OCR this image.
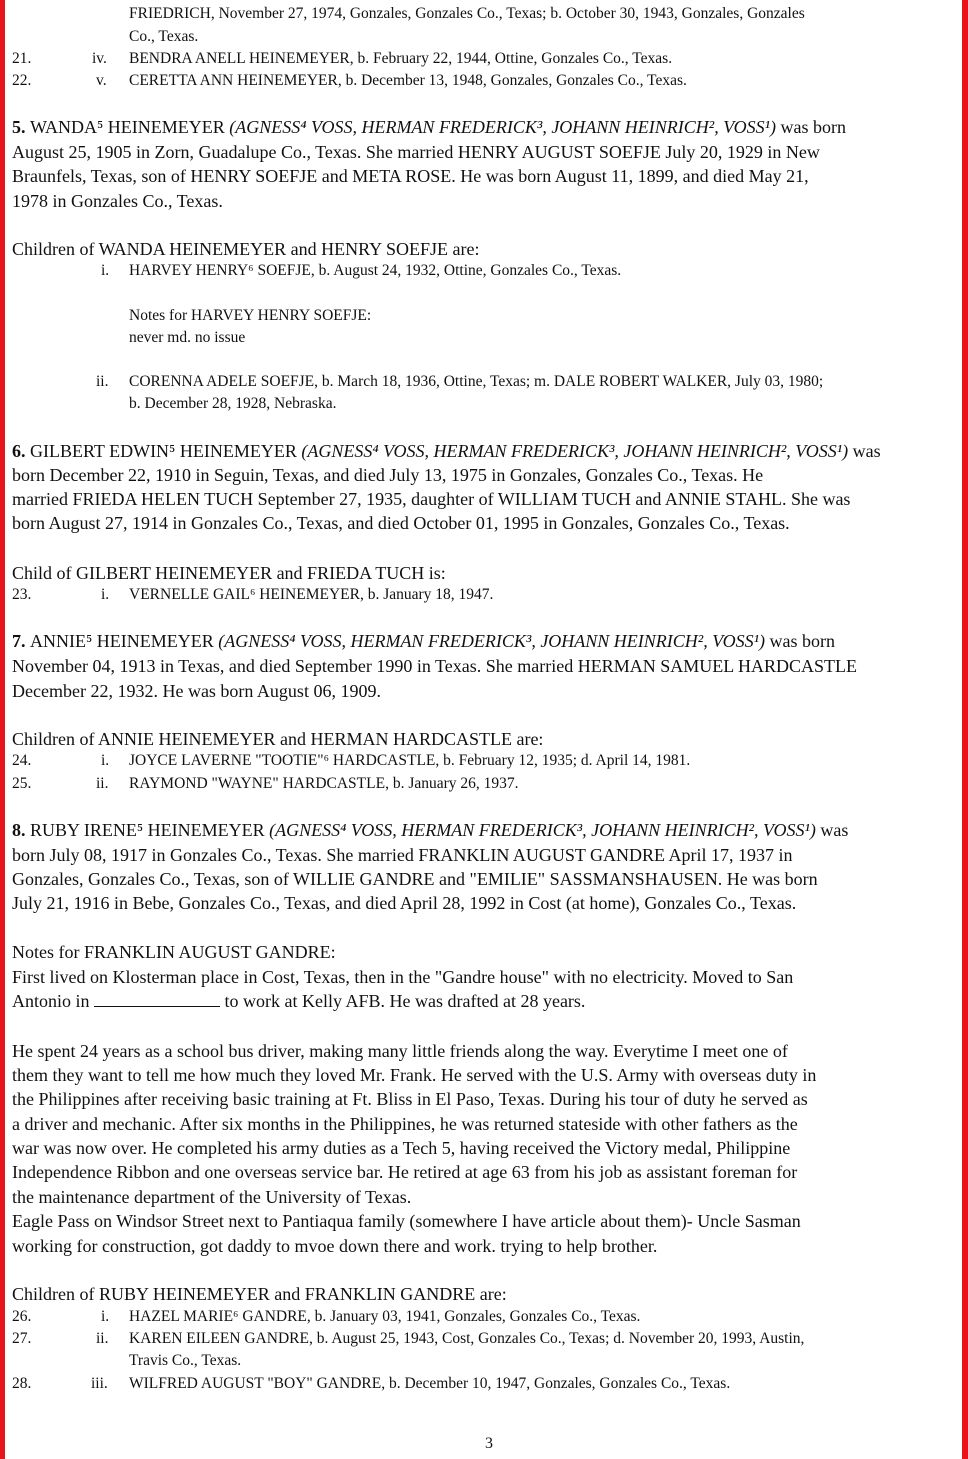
FRIEDRICH, November 27, 1974, Gonzales, Gonzales Co., Texas; b. October 30, 1943, Gonzales, Gonzales
Co., Texas.
21.	iv. BENDRA ANELL HEINEMEYER, b. February 22, 1944, Ottine, Gonzales Co., Texas.
22.	v. CERETTA ANN HEINEMEYER, b. December 13, 1948, Gonzales, Gonzales Co., Texas.
5. WANDA⁵ HEINEMEYER (AGNESS⁴ VOSS, HERMAN FREDERICK³, JOHANN HEINRICH², VOSS¹) was born
August 25, 1905 in Zorn, Guadalupe Co., Texas. She married HENRY AUGUST SOEFJE July 20, 1929 in New
Braunfels, Texas, son of HENRY SOEFJE and META ROSE. He was born August 11, 1899, and died May 21,
1978 in Gonzales Co., Texas.
Children of WANDA HEINEMEYER and HENRY SOEFJE are:
i. HARVEY HENRY⁶ SOEFJE, b. August 24, 1932, Ottine, Gonzales Co., Texas.
Notes for HARVEY HENRY SOEFJE:
never md. no issue
ii. CORENNA ADELE SOEFJE, b. March 18, 1936, Ottine, Texas; m. DALE ROBERT WALKER, July 03, 1980;
b. December 28, 1928, Nebraska.
6. GILBERT EDWIN⁵ HEINEMEYER (AGNESS⁴ VOSS, HERMAN FREDERICK³, JOHANN HEINRICH², VOSS¹) was
born December 22, 1910 in Seguin, Texas, and died July 13, 1975 in Gonzales, Gonzales Co., Texas. He
married FRIEDA HELEN TUCH September 27, 1935, daughter of WILLIAM TUCH and ANNIE STAHL. She was
born August 27, 1914 in Gonzales Co., Texas, and died October 01, 1995 in Gonzales, Gonzales Co., Texas.
Child of GILBERT HEINEMEYER and FRIEDA TUCH is:
23.	i. VERNELLE GAIL⁶ HEINEMEYER, b. January 18, 1947.
7. ANNIE⁵ HEINEMEYER (AGNESS⁴ VOSS, HERMAN FREDERICK³, JOHANN HEINRICH², VOSS¹) was born
November 04, 1913 in Texas, and died September 1990 in Texas. She married HERMAN SAMUEL HARDCASTLE
December 22, 1932. He was born August 06, 1909.
Children of ANNIE HEINEMEYER and HERMAN HARDCASTLE are:
24.	i. JOYCE LAVERNE "TOOTIE"⁶ HARDCASTLE, b. February 12, 1935; d. April 14, 1981.
25.	ii. RAYMOND "WAYNE" HARDCASTLE, b. January 26, 1937.
8. RUBY IRENE⁵ HEINEMEYER (AGNESS⁴ VOSS, HERMAN FREDERICK³, JOHANN HEINRICH², VOSS¹) was
born July 08, 1917 in Gonzales Co., Texas. She married FRANKLIN AUGUST GANDRE April 17, 1937 in
Gonzales, Gonzales Co., Texas, son of WILLIE GANDRE and "EMILIE" SASSMANSHAUSEN. He was born
July 21, 1916 in Bebe, Gonzales Co., Texas, and died April 28, 1992 in Cost (at home), Gonzales Co., Texas.
Notes for FRANKLIN AUGUST GANDRE:
First lived on Klosterman place in Cost, Texas, then in the "Gandre house" with no electricity. Moved to San
Antonio in	to work at Kelly AFB. He was drafted at 28 years.
He spent 24 years as a school bus driver, making many little friends along the way. Everytime I meet one of
them they want to tell me how much they loved Mr. Frank. He served with the U.S. Army with overseas duty in
the Philippines after receiving basic training at Ft. Bliss in El Paso, Texas. During his tour of duty he served as
a driver and mechanic. After six months in the Philippines, he was returned stateside with other fathers as the
war was now over. He completed his army duties as a Tech 5, having received the Victory medal, Philippine
Independence Ribbon and one overseas service bar. He retired at age 63 from his job as assistant foreman for
the maintenance department of the University of Texas.
Eagle Pass on Windsor Street next to Pantiaqua family (somewhere I have article about them)- Uncle Sasman
working for construction, got daddy to mvoe down there and work. trying to help brother.
Children of RUBY HEINEMEYER and FRANKLIN GANDRE are:
26.	i. HAZEL MARIE⁶ GANDRE, b. January 03, 1941, Gonzales, Gonzales Co., Texas.
27.	ii. KAREN EILEEN GANDRE, b. August 25, 1943, Cost, Gonzales Co., Texas; d. November 20, 1993, Austin,
Travis Co., Texas.
28.	iii. WILFRED AUGUST "BOY" GANDRE, b. December 10, 1947, Gonzales, Gonzales Co., Texas.
3
